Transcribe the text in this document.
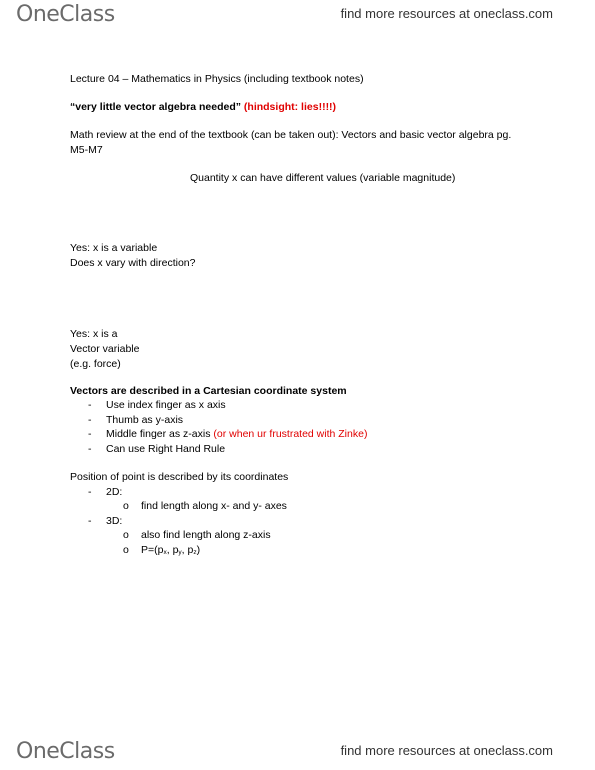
OneClass	find more resources at oneclass.com
Lecture 04 – Mathematics in Physics (including textbook notes)
“very little vector algebra needed” (hindsight: lies!!!!)
Math review at the end of the textbook (can be taken out): Vectors and basic vector algebra pg.
M5-M7
Quantity x can have different values (variable magnitude)
Yes: x is a variable
Does x vary with direction?
Yes: x is a
Vector variable
(e.g. force)
Vectors are described in a Cartesian coordinate system
- Use index finger as x axis
- Thumb as y-axis
- Middle finger as z-axis (or when ur frustrated with Zinke)
- Can use Right Hand Rule
Position of point is described by its coordinates
- 2D:
o find length along x- and y- axes
- 3D:
o also find length along z-axis
o $P=(p_x$, $p_y$, $p_z$)
OneClass	find more resources at oneclass.com
